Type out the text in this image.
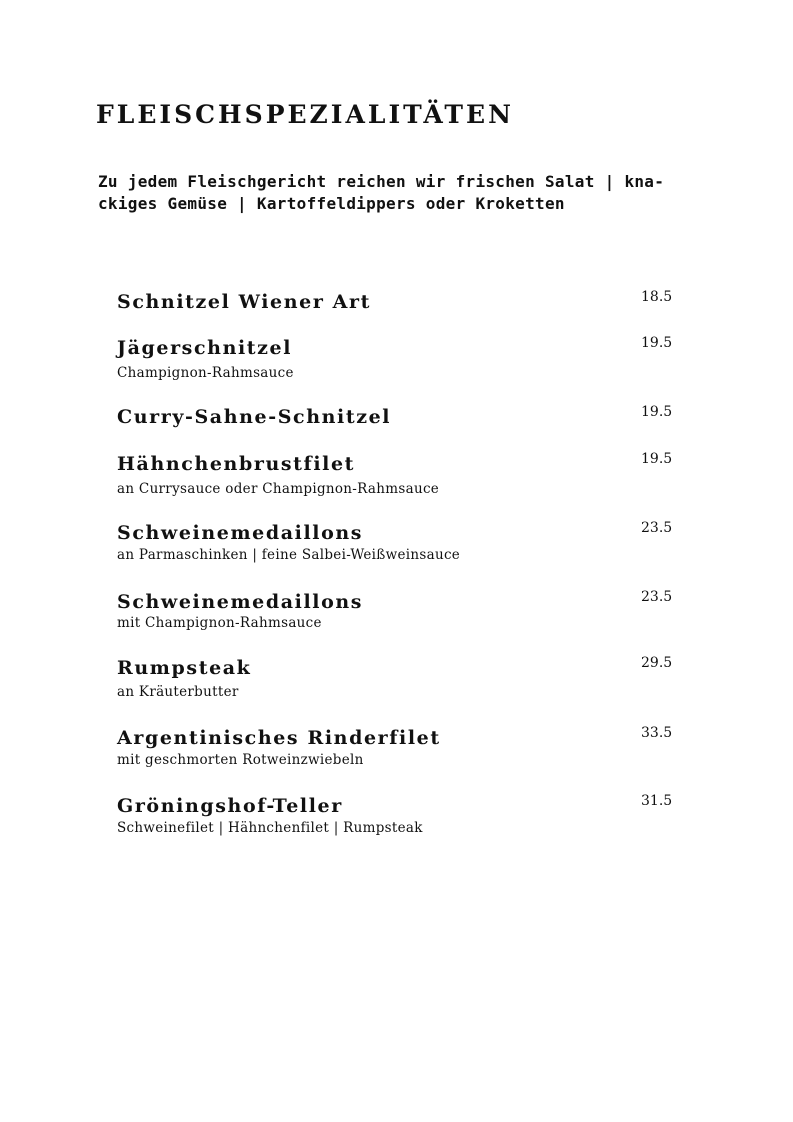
FLEISCHSPEZIALITÄTEN

Zu jedem Fleischgericht reichen wir frischen Salat | kna-
ckiges Gemüse | Kartoffeldippers oder Kroketten

Schnitzel Wiener Art	18.5
Jägerschnitzel
Champignon-Rahmsauce
19.5
Curry-Sahne-Schnitzel	19.5
Hähnchenbrustfilet
an Currysauce oder Champignon-Rahmsauce
19.5
Schweinemedaillons
an Parmaschinken | feine Salbei-Weißweinsauce
23.5
Schweinemedaillons
mit Champignon-Rahmsauce
23.5
Rumpsteak
an Kräuterbutter
29.5
Argentinisches Rinderfilet
mit geschmorten Rotweinzwiebeln
33.5
Gröningshof-Teller
Schweinefilet | Hähnchenfilet | Rumpsteak
31.5
